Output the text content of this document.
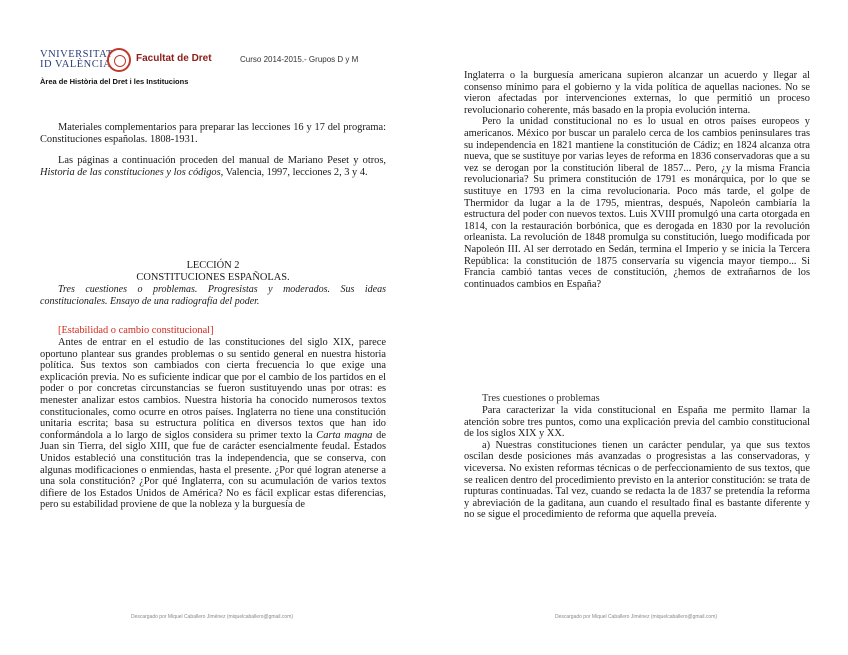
VNIVERSITAT
ID VALÈNCIA
Facultat de Dret	Curso 2014-2015.- Grupos D y M
Àrea de Història del Dret i les Institucions

Materiales complementarios para preparar las lecciones 16 y 17 del programa: Constituciones españolas. 1808-1931.

Las páginas a continuación proceden del manual de Mariano Peset y otros, Historia de las constituciones y los códigos, Valencia, 1997, lecciones 2, 3 y 4.

LECCIÓN 2
CONSTITUCIONES ESPAÑOLAS.
Tres cuestiones o problemas. Progresistas y moderados. Sus ideas constitucionales. Ensayo de una radiografía del poder.
[Estabilidad o cambio constitucional]

Antes de entrar en el estudio de las constituciones del siglo XIX, parece oportuno plantear sus grandes problemas o su sentido general en nuestra historia política. Sus textos son cambiados con cierta frecuencia lo que exige una explicación previa. No es suficiente indicar que por el cambio de los partidos en el poder o por concretas circunstancias se fueron sustituyendo unas por otras: es menester analizar estos cambios. Nuestra historia ha conocido numerosos textos constitucionales, como ocurre en otros países. Inglaterra no tiene una constitución unitaria escrita; basa su estructura política en diversos textos que han ido conformándola a lo largo de siglos considera su primer texto la Carta magna de Juan sin Tierra, del siglo XIII, que fue de carácter esencialmente feudal. Estados Unidos estableció una constitución tras la independencia, que se conserva, con algunas modificaciones o enmiendas, hasta el presente. ¿Por qué logran atenerse a una sola constitución? ¿Por qué Inglaterra, con su acumulación de varios textos difiere de los Estados Unidos de América? No es fácil explicar estas diferencias, pero su estabilidad proviene de que la nobleza y la burguesía de

Descargado por Miquel Caballero Jiménez (miquelcaballero@gmail.com)

Inglaterra o la burguesía americana supieron alcanzar un acuerdo y llegar al consenso mínimo para el gobierno y la vida política de aquellas naciones. No se vieron afectadas por intervenciones externas, lo que permitió un proceso revolucionario coherente, más basado en la propia evolución interna.

Pero la unidad constitucional no es lo usual en otros países europeos y americanos. México por buscar un paralelo cerca de los cambios peninsulares tras su independencia en 1821 mantiene la constitución de Cádiz; en 1824 alcanza otra nueva, que se sustituye por varias leyes de reforma en 1836 conservadoras que a su vez se derogan por la constitución liberal de 1857... Pero, ¿y la misma Francia revolucionaria? Su primera constitución de 1791 es monárquica, por lo que se sustituye en 1793 en la cima revolucionaria. Poco más tarde, el golpe de Thermidor da lugar a la de 1795, mientras, después, Napoleón cambiaría la estructura del poder con nuevos textos. Luis XVIII promulgó una carta otorgada en 1814, con la restauración borbónica, que es derogada en 1830 por la revolución orleanista. La revolución de 1848 promulga su constitución, luego modificada por Napoleón III. Al ser derrotado en Sedán, termina el Imperio y se inicia la Tercera República: la constitución de 1875 conservaría su vigencia mayor tiempo... Si Francia cambió tantas veces de constitución, ¿hemos de extrañarnos de los continuados cambios en España?

Tres cuestiones o problemas

Para caracterizar la vida constitucional en España me permito llamar la atención sobre tres puntos, como una explicación previa del cambio constitucional de los siglos XIX y XX.

a) Nuestras constituciones tienen un carácter pendular, ya que sus textos oscilan desde posiciones más avanzadas o progresistas a las conservadoras, y viceversa. No existen reformas técnicas o de perfeccionamiento de sus textos, que se realicen dentro del procedimiento previsto en la anterior constitución: se trata de rupturas continuadas. Tal vez, cuando se redacta la de 1837 se pretendía la reforma y abreviación de la gaditana, aun cuando el resultado final es bastante diferente y no se sigue el procedimiento de reforma que aquella preveía.

Descargado por Miquel Caballero Jiménez (miquelcaballero@gmail.com)
